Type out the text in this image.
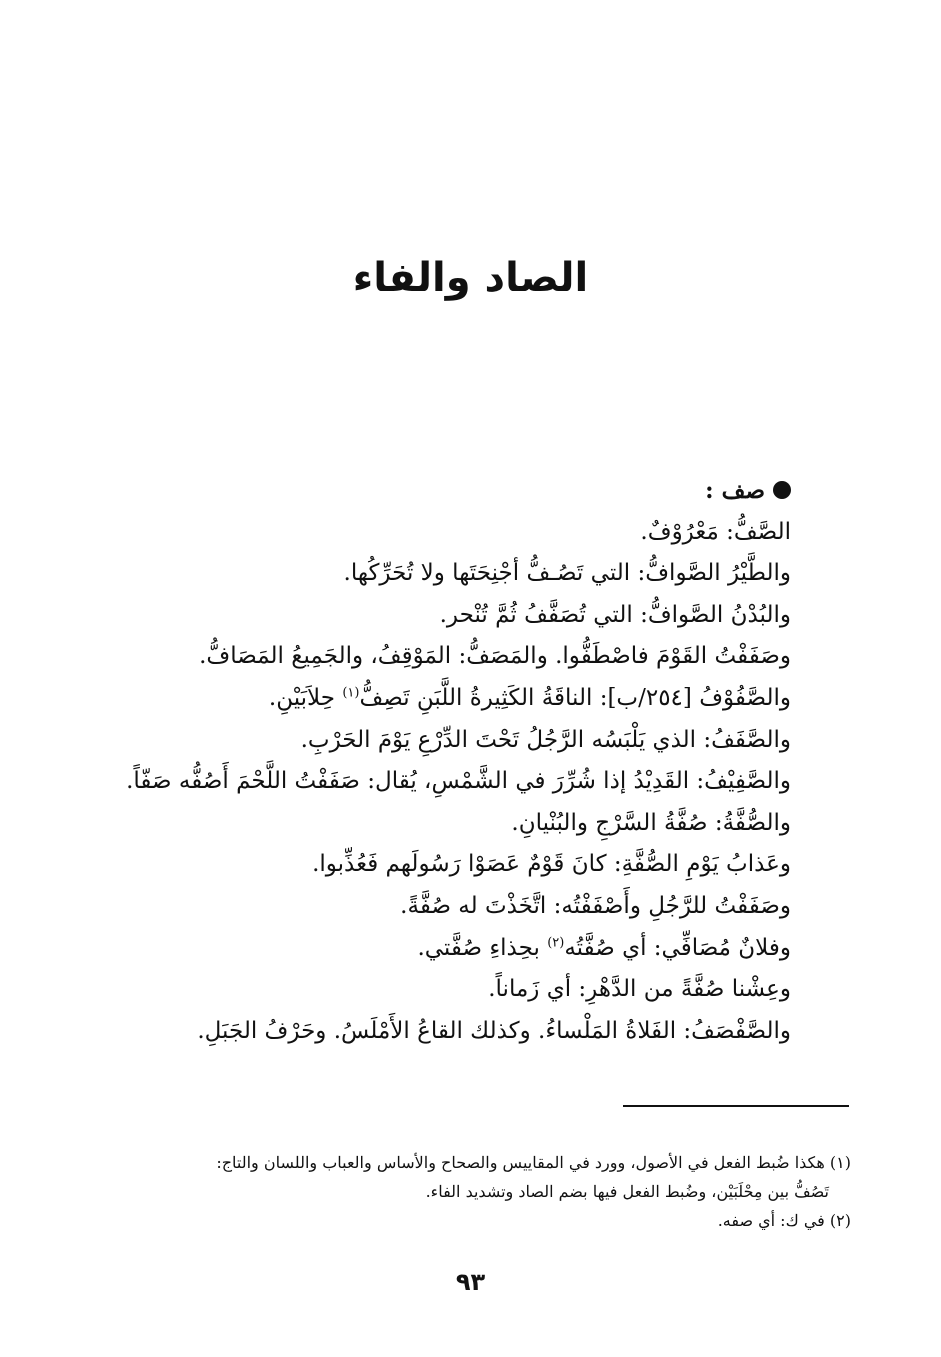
الصاد والفاء

صف :

الصَّفُّ: مَعْرُوْفٌ.

والطَّيْرُ الصَّوافُّ: التي تَصُـفُّ أجْنِحَتَها ولا تُحَرِّكُها.

والبُدْنُ الصَّوافُّ: التي تُصَفَّفُ ثُمَّ تُنْحر.

وصَفَفْتُ القَوْمَ فاصْطَفُّوا. والمَصَفُّ: المَوْقِفُ، والجَمِيعُ المَصَافُّ.

والصَّفُوْفُ [٢٥٤/ب]: الناقَةُ الكَثِيرةُ اللَّبَنِ تَصِفُّ$^{(١)}$ حِلاَبَيْنِ.

والصَّفَفُ: الذي يَلْبَسُه الرَّجُلُ تَحْتَ الدِّرْعِ يَوْمَ الحَرْبِ.

والصَّفِيْفُ: القَدِيْدُ إذا شُرِّرَ في الشَّمْسِ، يُقال: صَفَفْتُ اللَّحْمَ أَصُفُّه صَفّاً.

والصُّفَّةُ: صُفَّةُ السَّرْجِ والبُنْيانِ.

وعَذابُ يَوْمِ الصُّفَّةِ: كانَ قَوْمٌ عَصَوْا رَسُولَهم فَعُذِّبوا.

وصَفَفْتُ للرَّجُلِ وأَصْفَفْتُه: اتَّخَذْتَ له صُفَّةً.

وفلانٌ مُصَافِّي: أي صُفَّتُه$^{(٢)}$ بحِذاءِ صُفَّتي.

وعِشْنا صُفَّةً من الدَّهْرِ: أي زَماناً.

والصَّفْصَفُ: الفَلاةُ المَلْساءُ. وكذلك القاعُ الأَمْلَسُ. وحَرْفُ الجَبَلِ.

(١) هكذا ضُبط الفعل في الأصول، وورد في المقاييس والصحاح والأساس والعباب واللسان والتاج:

تَصُفُّ بين مِحْلَبَيْن، وضُبط الفعل فيها بضم الصاد وتشديد الفاء.

(٢) في ك: أي صفه.

٩٣
